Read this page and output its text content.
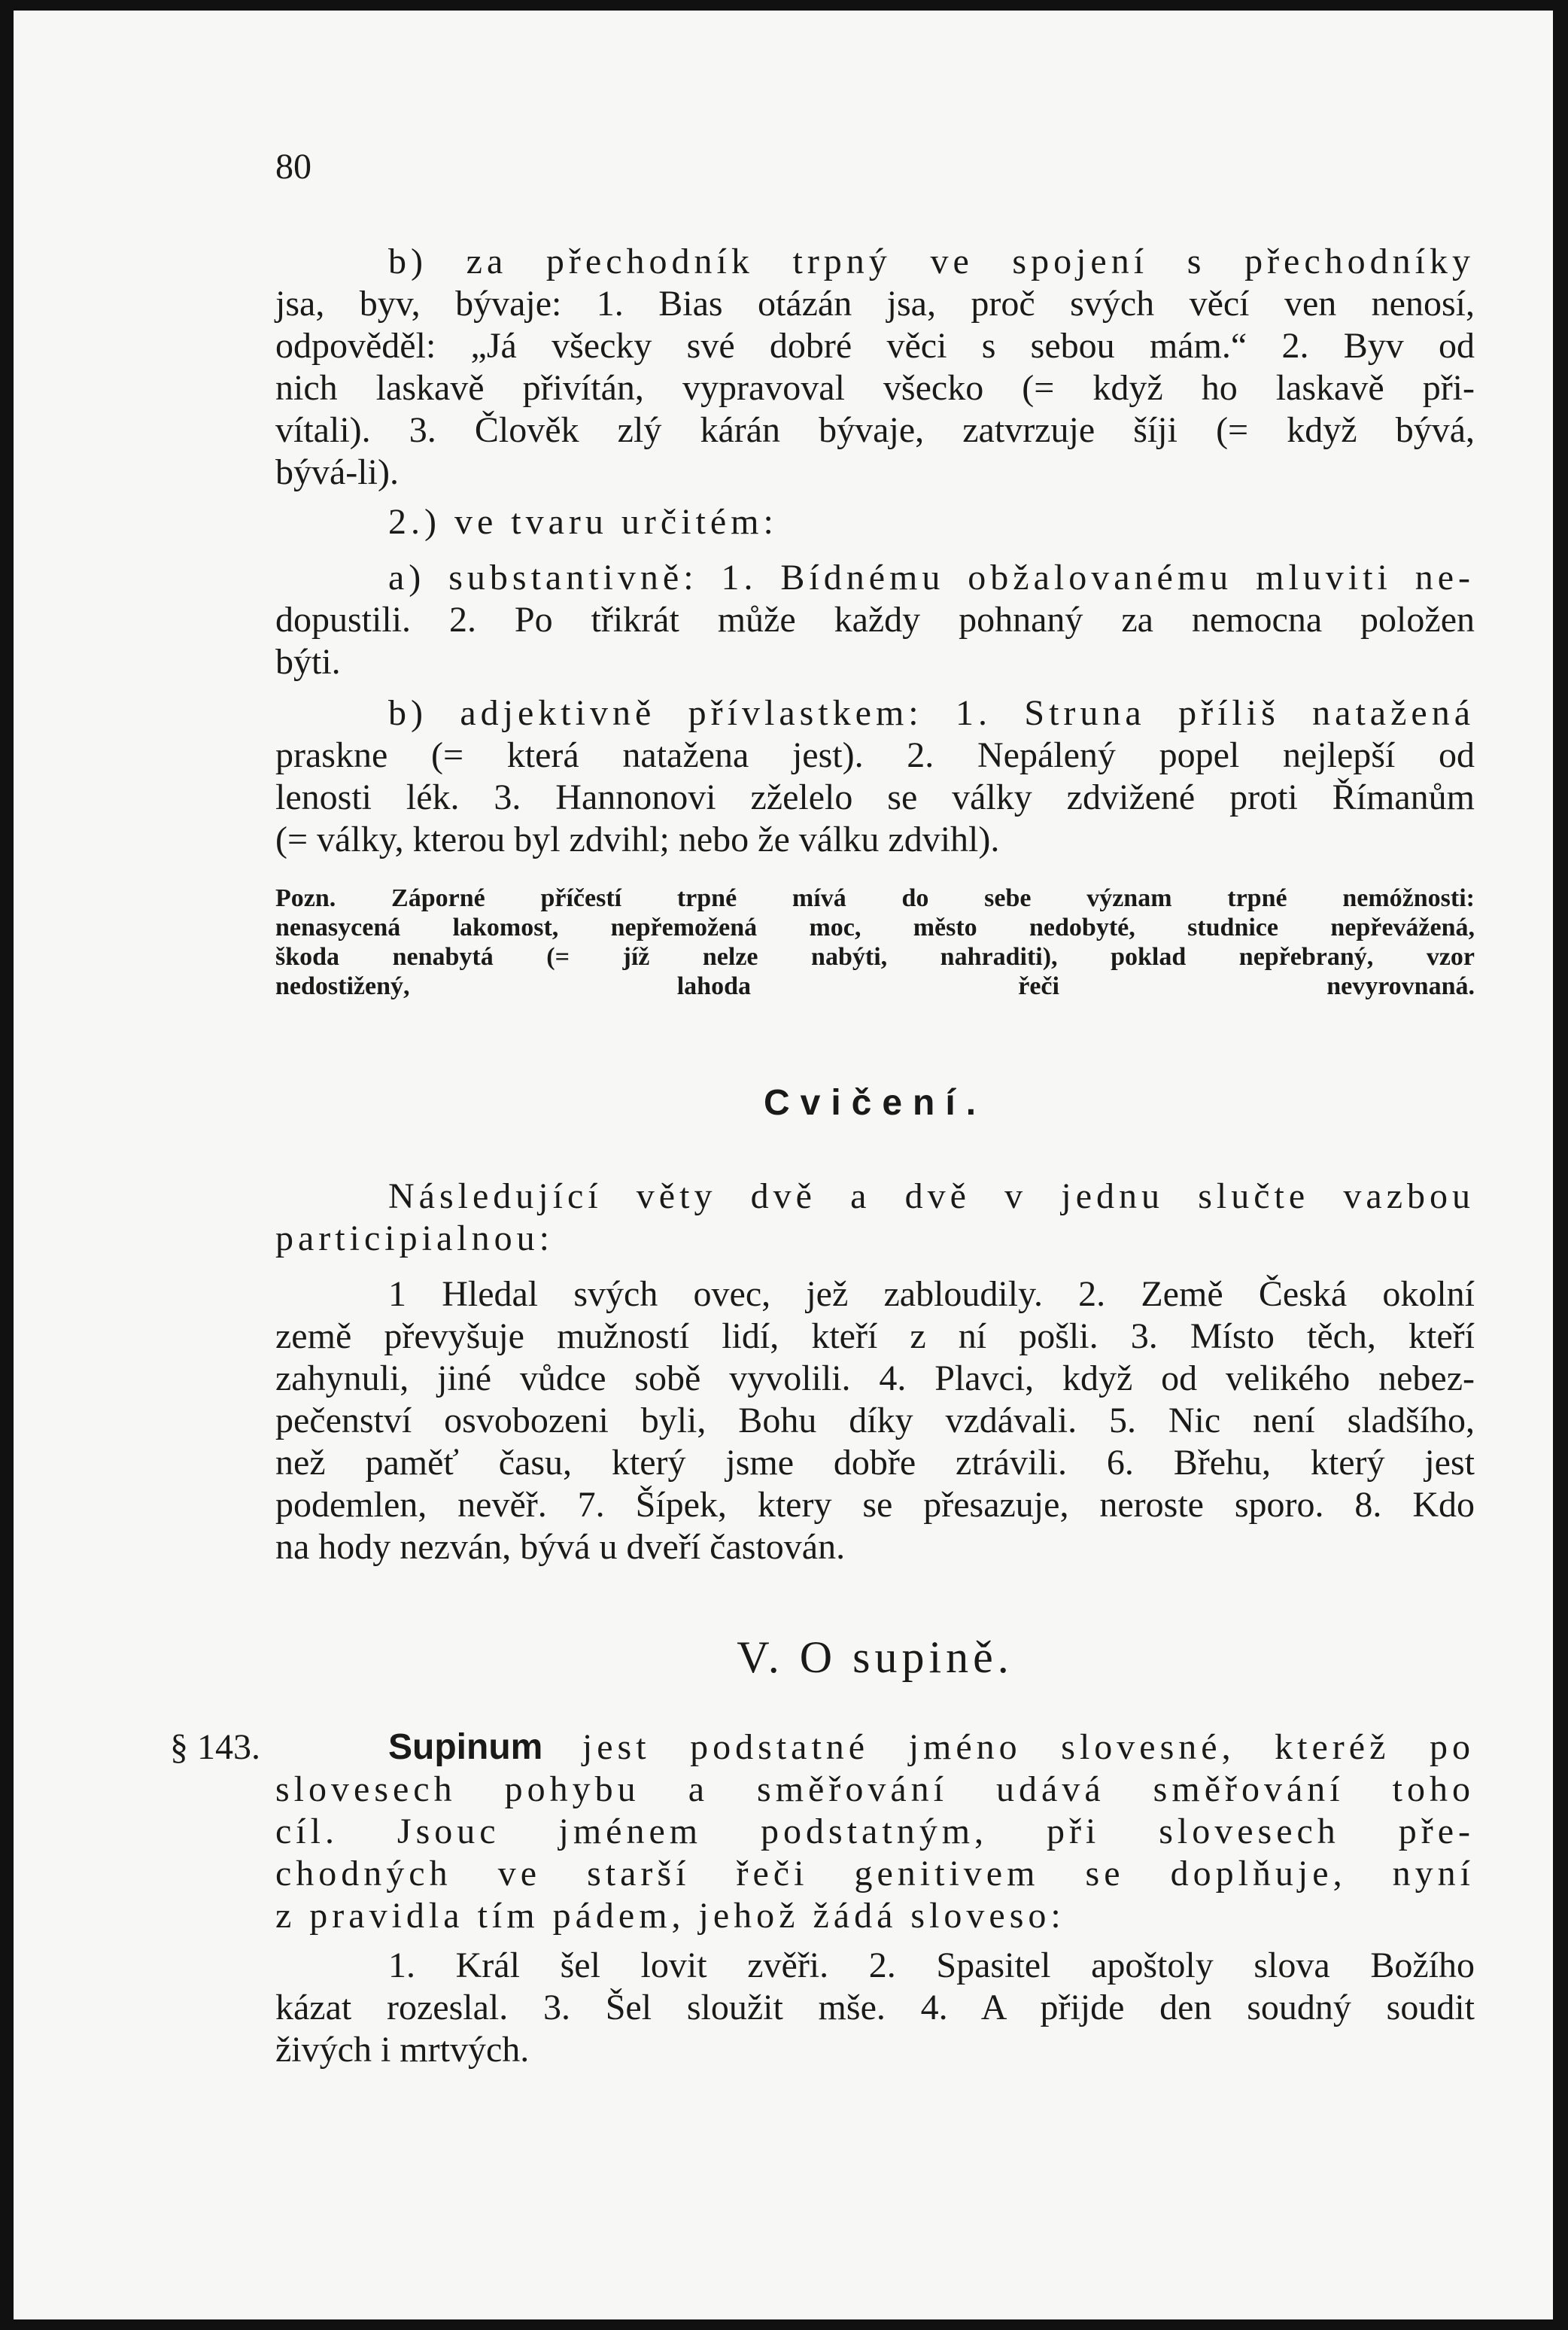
80
b) za přechodník trpný ve spojení s přechodníky
jsa, byv, bývaje: 1. Bias otázán jsa, proč svých věcí ven nenosí,
odpověděl: „Já všecky své dobré věci s sebou mám.“ 2. Byv od
nich laskavě přivítán, vypravoval všecko (= když ho laskavě při-
vítali). 3. Člověk zlý kárán bývaje, zatvrzuje šíji (= když bývá,
bývá-li).
2.) ve tvaru určitém:
a) substantivně: 1. Bídnému obžalovanému mluviti ne-
dopustili. 2. Po třikrát může každy pohnaný za nemocna položen
býti.
b) adjektivně přívlastkem: 1. Struna příliš natažená
praskne (= která natažena jest). 2. Nepálený popel nejlepší od
lenosti lék. 3. Hannonovi zželelo se války zdvižené proti Římanům
(= války, kterou byl zdvihl; nebo že válku zdvihl).
Pozn. Záporné příčestí trpné mívá do sebe význam trpné nemóžnosti:
nenasycená lakomost, nepřemožená moc, město nedobyté, studnice nepřevážená,
škoda nenabytá (= jíž nelze nabýti, nahraditi), poklad nepřebraný, vzor
nedostižený, lahoda řeči nevyrovnaná.
Cvičení.
Následující věty dvě a dvě v jednu slučte vazbou
participialnou:
1 Hledal svých ovec, jež zabloudily. 2. Země Česká okolní
země převyšuje mužností lidí, kteří z ní pošli. 3. Místo těch, kteří
zahynuli, jiné vůdce sobě vyvolili. 4. Plavci, když od velikého nebez-
pečenství osvobozeni byli, Bohu díky vzdávali. 5. Nic není sladšího,
než paměť času, který jsme dobře ztrávili. 6. Břehu, který jest
podemlen, nevěř. 7. Šípek, ktery se přesazuje, neroste sporo. 8. Kdo
na hody nezván, bývá u dveří častován.
V. O supině.
§ 143.	Supinum jest podstatné jméno slovesné, kteréž po
slovesech pohybu a směřování udává směřování toho
cíl. Jsouc jménem podstatným, při slovesech pře-
chodných ve starší řeči genitivem se doplňuje, nyní
z pravidla tím pádem, jehož žádá sloveso:
1. Král šel lovit zvěři. 2. Spasitel apoštoly slova Božího
kázat rozeslal. 3. Šel sloužit mše. 4. A přijde den soudný soudit
živých i mrtvých.
